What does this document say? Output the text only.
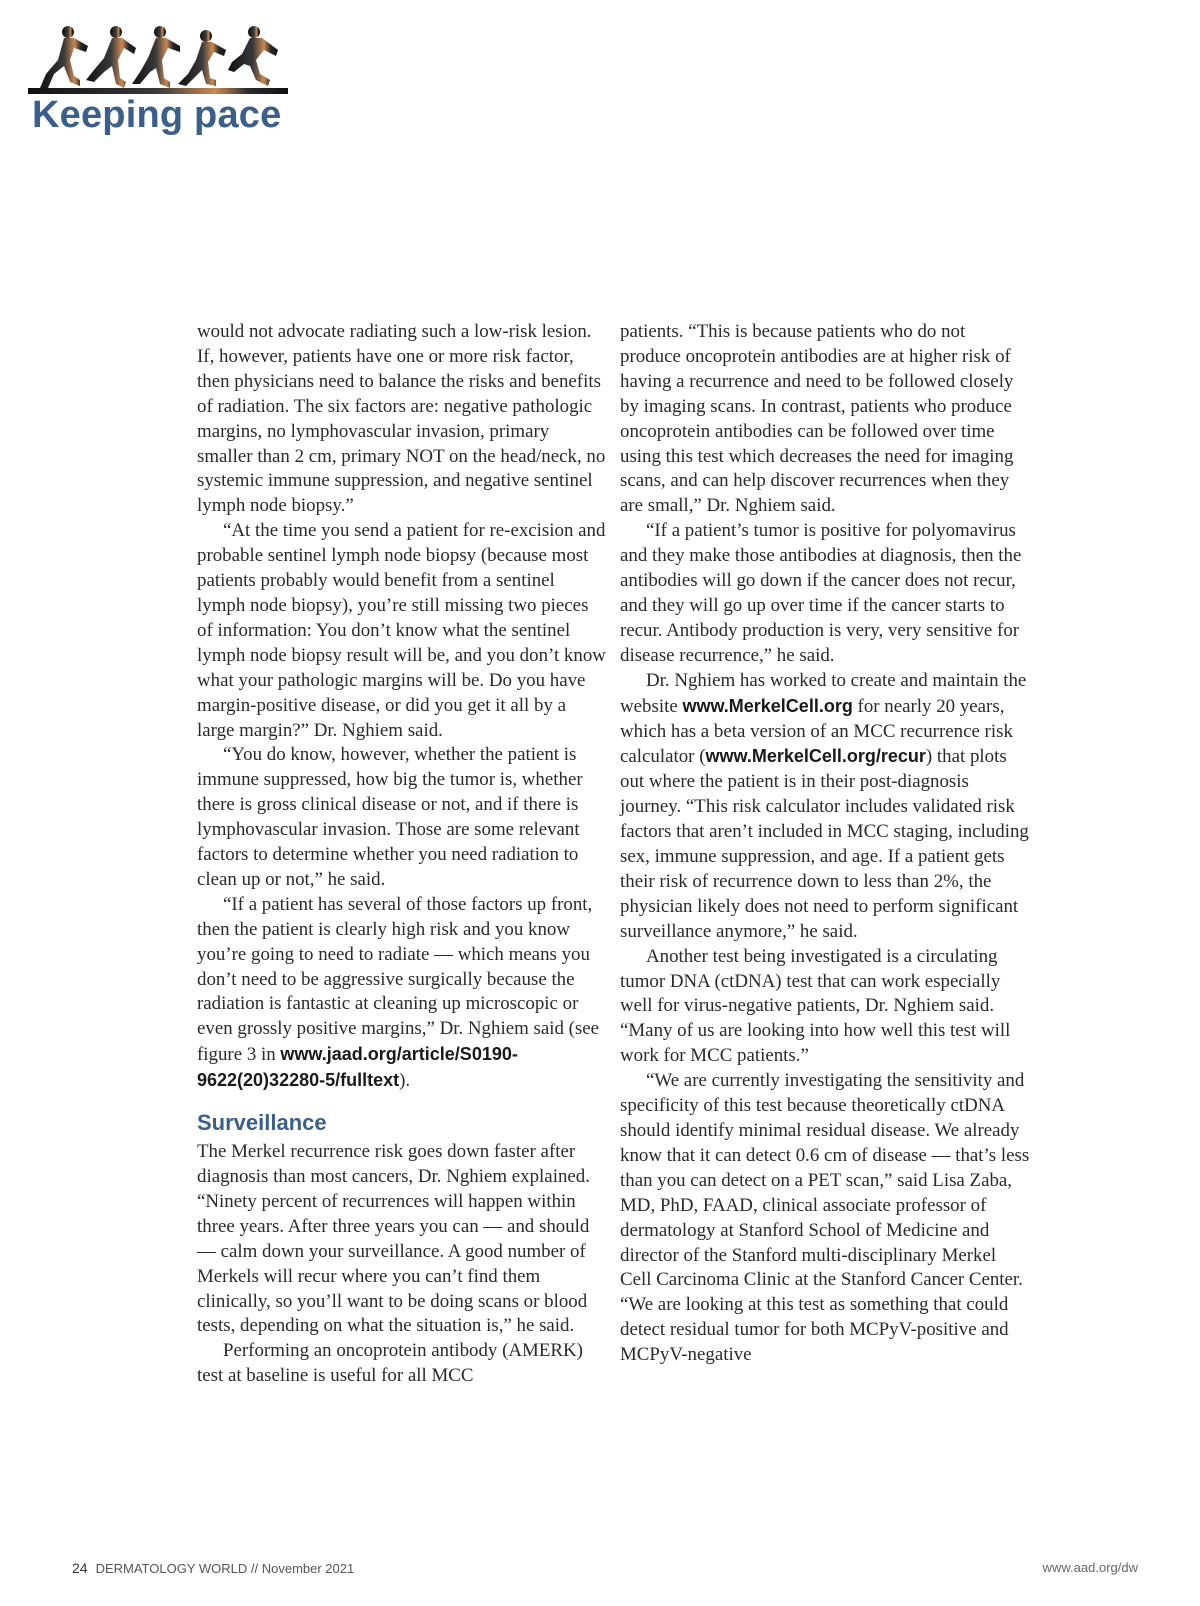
Keeping pace

would not advocate radiating such a low-risk lesion. If, however, patients have one or more risk factor, then physicians need to balance the risks and benefits of radiation. The six factors are: negative pathologic margins, no lymphovascular invasion, primary smaller than 2 cm, primary NOT on the head/neck, no systemic immune suppression, and negative sentinel lymph node biopsy.”

“At the time you send a patient for re-excision and probable sentinel lymph node biopsy (because most patients probably would benefit from a sentinel lymph node biopsy), you’re still missing two pieces of information: You don’t know what the sentinel lymph node biopsy result will be, and you don’t know what your pathologic margins will be. Do you have margin-positive disease, or did you get it all by a large margin?” Dr. Nghiem said.

“You do know, however, whether the patient is immune suppressed, how big the tumor is, whether there is gross clinical disease or not, and if there is lymphovascular invasion. Those are some relevant factors to determine whether you need radiation to clean up or not,” he said.

“If a patient has several of those factors up front, then the patient is clearly high risk and you know you’re going to need to radiate — which means you don’t need to be aggressive surgically because the radiation is fantastic at cleaning up microscopic or even grossly positive margins,” Dr. Nghiem said (see figure 3 in www.jaad.org/article/S0190-9622(20)32280-5/fulltext).

Surveillance

The Merkel recurrence risk goes down faster after diagnosis than most cancers, Dr. Nghiem explained. “Ninety percent of recurrences will happen within three years. After three years you can — and should — calm down your surveillance. A good number of Merkels will recur where you can’t find them clinically, so you’ll want to be doing scans or blood tests, depending on what the situation is,” he said.

Performing an oncoprotein antibody (AMERK) test at baseline is useful for all MCC

patients. “This is because patients who do not produce oncoprotein antibodies are at higher risk of having a recurrence and need to be followed closely by imaging scans. In contrast, patients who produce oncoprotein antibodies can be followed over time using this test which decreases the need for imaging scans, and can help discover recurrences when they are small,” Dr. Nghiem said.

“If a patient’s tumor is positive for polyomavirus and they make those antibodies at diagnosis, then the antibodies will go down if the cancer does not recur, and they will go up over time if the cancer starts to recur. Antibody production is very, very sensitive for disease recurrence,” he said.

Dr. Nghiem has worked to create and maintain the website www.MerkelCell.org for nearly 20 years, which has a beta version of an MCC recurrence risk calculator (www.MerkelCell.org/recur) that plots out where the patient is in their post-diagnosis journey. “This risk calculator includes validated risk factors that aren’t included in MCC staging, including sex, immune suppression, and age. If a patient gets their risk of recurrence down to less than 2%, the physician likely does not need to perform significant surveillance anymore,” he said.

Another test being investigated is a circulating tumor DNA (ctDNA) test that can work especially well for virus-negative patients, Dr. Nghiem said. “Many of us are looking into how well this test will work for MCC patients.”

“We are currently investigating the sensitivity and specificity of this test because theoretically ctDNA should identify minimal residual disease. We already know that it can detect 0.6 cm of disease — that’s less than you can detect on a PET scan,” said Lisa Zaba, MD, PhD, FAAD, clinical associate professor of dermatology at Stanford School of Medicine and director of the Stanford multi-disciplinary Merkel Cell Carcinoma Clinic at the Stanford Cancer Center. “We are looking at this test as something that could detect residual tumor for both MCPyV-positive and MCPyV-negative

24 DERMATOLOGY WORLD // November 2021	www.aad.org/dw
